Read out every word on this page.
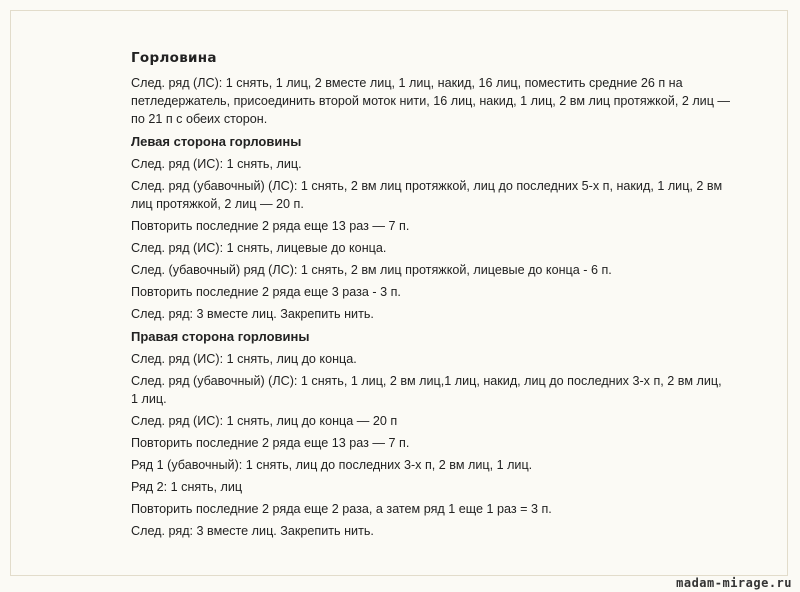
Горловина

След. ряд (ЛС): 1 снять, 1 лиц, 2 вместе лиц, 1 лиц, накид, 16 лиц, поместить средние 26 п на петледержатель, присоединить второй моток нити, 16 лиц, накид, 1 лиц, 2 вм лиц протяжкой, 2 лиц — по 21 п с обеих сторон.

Левая сторона горловины

След. ряд (ИС): 1 снять, лиц.

След. ряд (убавочный) (ЛС): 1 снять, 2 вм лиц протяжкой, лиц до последних 5-х п, накид, 1 лиц, 2 вм лиц протяжкой, 2 лиц — 20 п.

Повторить последние 2 ряда еще 13 раз — 7 п.

След. ряд (ИС): 1 снять, лицевые до конца.

След. (убавочный) ряд (ЛС): 1 снять, 2 вм лиц протяжкой, лицевые до конца - 6 п.

Повторить последние 2 ряда еще 3 раза - 3 п.

След. ряд: 3 вместе лиц. Закрепить нить.

Правая сторона горловины

След. ряд (ИС): 1 снять, лиц до конца.

След. ряд (убавочный) (ЛС): 1 снять, 1 лиц, 2 вм лиц,1 лиц, накид, лиц до последних 3-х п, 2 вм лиц, 1 лиц.

След. ряд (ИС): 1 снять, лиц до конца — 20 п

Повторить последние 2 ряда еще 13 раз — 7 п.

Ряд 1 (убавочный): 1 снять, лиц до последних 3-х п, 2 вм лиц, 1 лиц.

Ряд 2: 1 снять, лиц

Повторить последние 2 ряда еще 2 раза, а затем ряд 1 еще 1 раз = 3 п.

След. ряд: 3 вместе лиц. Закрепить нить.

madam-mirage.ru
